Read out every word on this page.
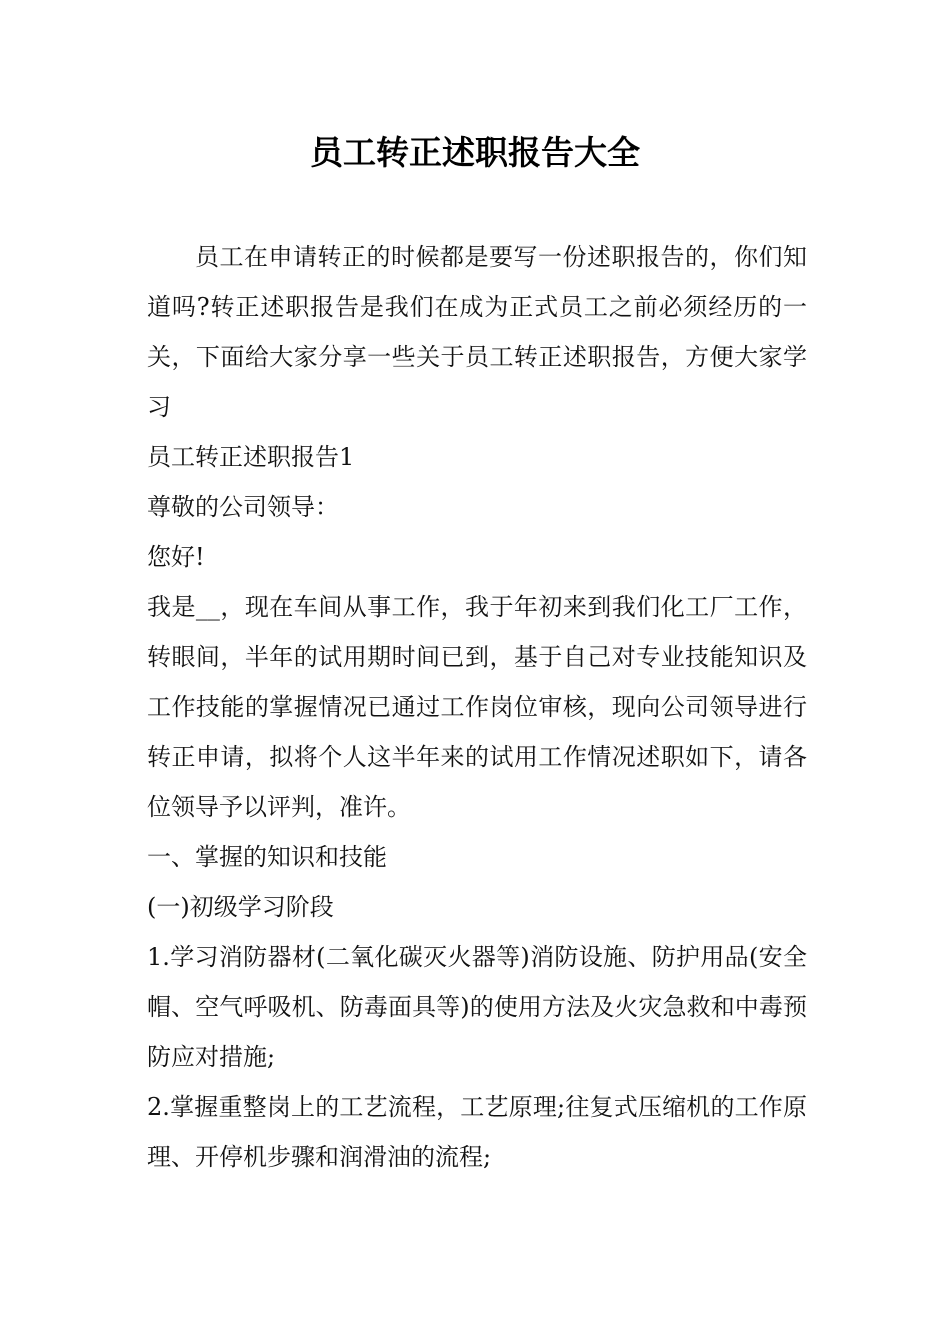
员工转正述职报告大全

员工在申请转正的时候都是要写一份述职报告的，你们知道吗?转正述职报告是我们在成为正式员工之前必须经历的一关，下面给大家分享一些关于员工转正述职报告，方便大家学习

员工转正述职报告1

尊敬的公司领导：

您好!

我是__，现在车间从事工作，我于年初来到我们化工厂工作，转眼间，半年的试用期时间已到，基于自己对专业技能知识及工作技能的掌握情况已通过工作岗位审核，现向公司领导进行转正申请，拟将个人这半年来的试用工作情况述职如下，请各位领导予以评判，准许。

一、掌握的知识和技能

(一)初级学习阶段

1.学习消防器材(二氧化碳灭火器等)消防设施、防护用品(安全帽、空气呼吸机、防毒面具等)的使用方法及火灾急救和中毒预防应对措施;

2.掌握重整岗上的工艺流程，工艺原理;往复式压缩机的工作原理、开停机步骤和润滑油的流程;
